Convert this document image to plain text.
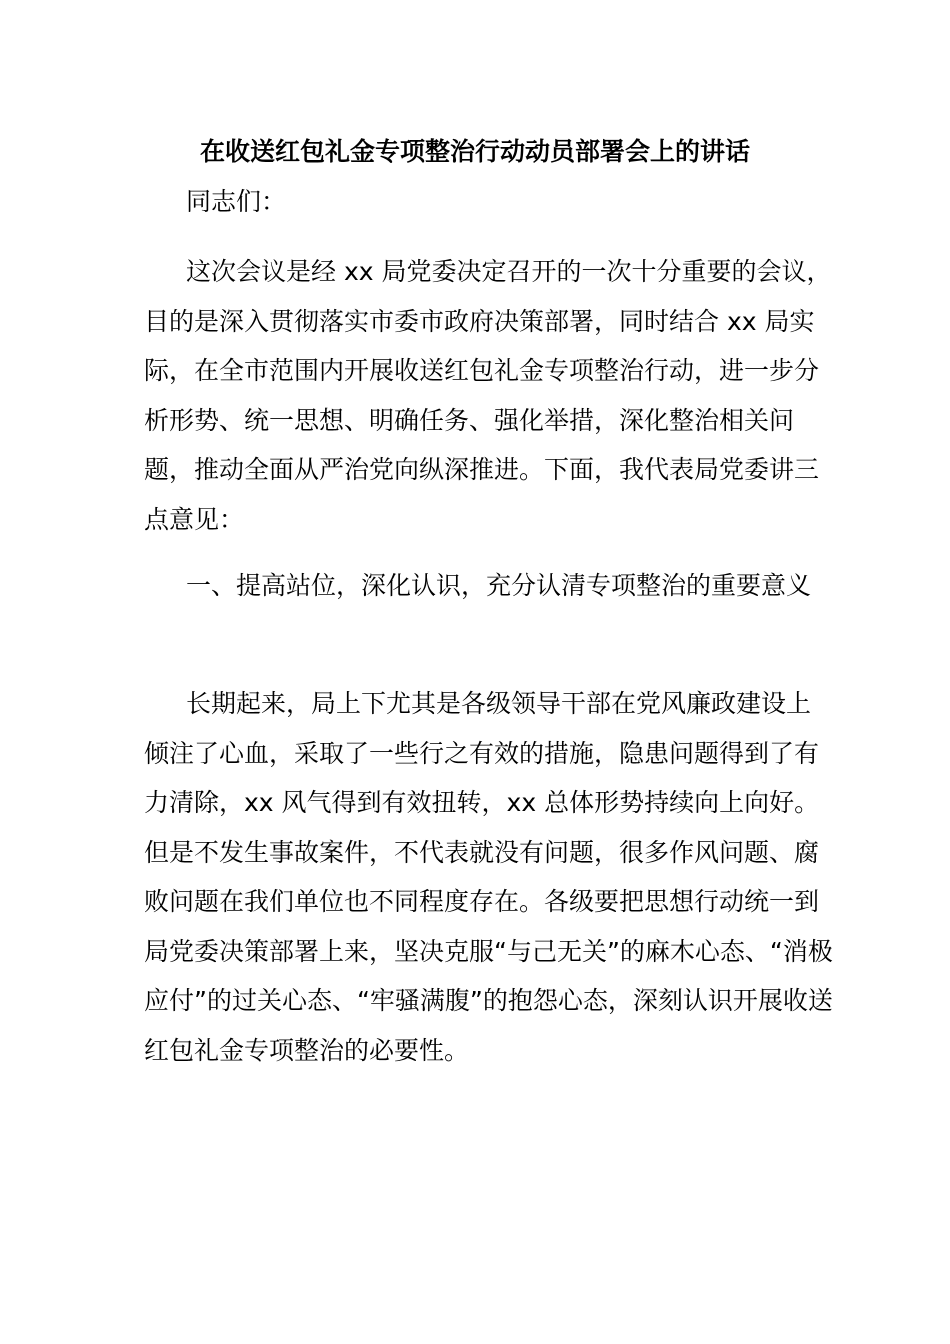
在收送红包礼金专项整治行动动员部署会上的讲话

同志们：

这次会议是经 xx 局党委决定召开的一次十分重要的会议，目的是深入贯彻落实市委市政府决策部署，同时结合 xx 局实际，在全市范围内开展收送红包礼金专项整治行动，进一步分析形势、统一思想、明确任务、强化举措，深化整治相关问题，推动全面从严治党向纵深推进。下面，我代表局党委讲三点意见：

一、提高站位，深化认识，充分认清专项整治的重要意义

长期起来，局上下尤其是各级领导干部在党风廉政建设上倾注了心血，采取了一些行之有效的措施，隐患问题得到了有力清除，xx 风气得到有效扭转，xx 总体形势持续向上向好。但是不发生事故案件，不代表就没有问题，很多作风问题、腐败问题在我们单位也不同程度存在。各级要把思想行动统一到局党委决策部署上来，坚决克服“与己无关”的麻木心态、“消极应付”的过关心态、“牢骚满腹”的抱怨心态，深刻认识开展收送红包礼金专项整治的必要性。
